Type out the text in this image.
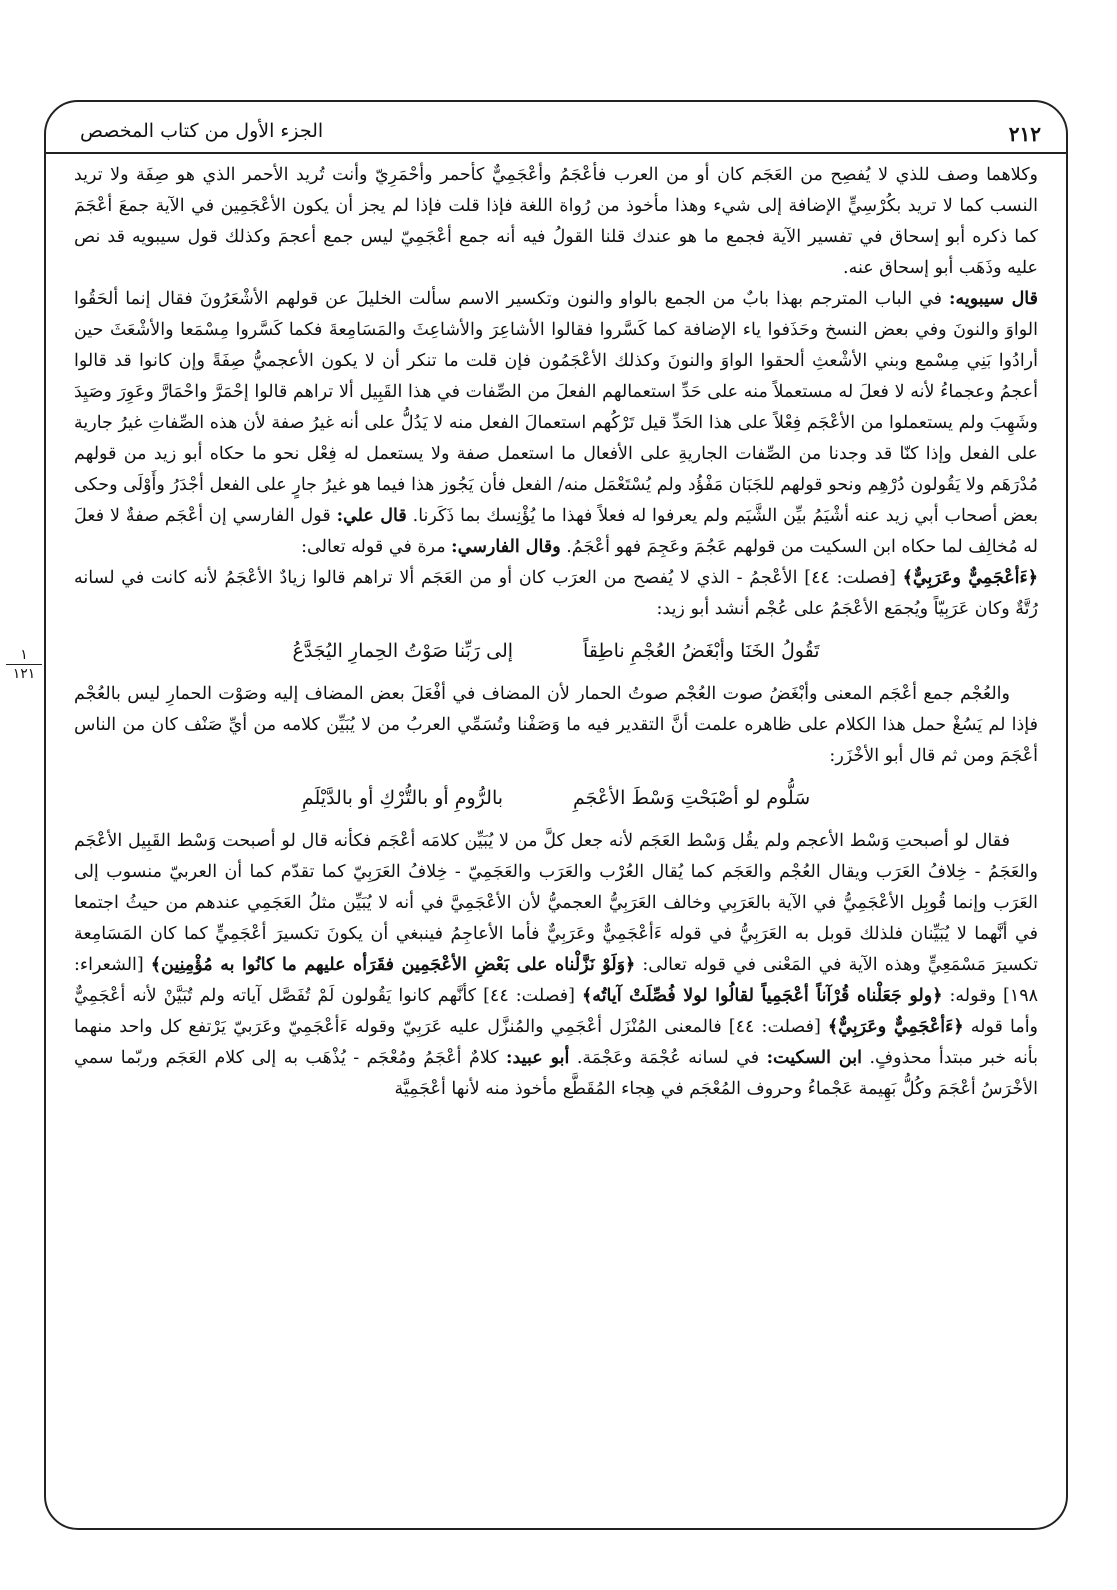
٢١٢
الجزء الأول من كتاب المخصص
١
١٢١

وكلاهما وصف للذي لا يُفصِح من العَجَم كان أو من العرب فأعْجَمُ وأعْجَمِيٌّ كأحمر وأحْمَرِيّ وأنت تُريد الأحمر الذي هو صِفَة ولا تريد النسب كما لا تريد بكُرْسِيٍّ الإضافة إلى شيء وهذا مأخوذ من رُواة اللغة فإذا قلت فإذا لم يجز أن يكون الأعْجَمِين في الآية جمعَ أعْجَمَ كما ذكره أبو إسحاق في تفسير الآية فجمع ما هو عندك قلنا القولُ فيه أنه جمع أعْجَمِيّ ليس جمع أعجمَ وكذلك قول سيبويه قد نص عليه وذَهَب أبو إسحاق عنه.

قال سيبويه: في الباب المترجم بهذا بابٌ من الجمع بالواو والنون وتكسير الاسم سألت الخليلَ عن قولهم الأشْعَرُونَ فقال إنما ألحَقُوا الواوَ والنونَ وفي بعض النسخ وحَذَفوا ياء الإضافة كما كَسَّروا فقالوا الأشاعِرَ والأشاعِثَ والمَسَامِعةَ فكما كَسَّروا مِسْمَعا والأشْعَثَ حين أرادُوا بَنِي مِسْمع وبني الأشْعثِ ألحقوا الواوَ والنونَ وكذلك الأعْجَمُون فإن قلت ما تنكر أن لا يكون الأعجميُّ صِفَةً وإن كانوا قد قالوا أعجمُ وعجماءُ لأنه لا فعلَ له مستعملاً منه على حَدِّ استعمالهم الفعلَ من الصِّفات في هذا القَبِيل ألا تراهم قالوا إحْمَرَّ واحْمَارَّ وعَوِرَ وصَيِدَ وشَهِبَ ولم يستعملوا من الأعْجَم فِعْلاً على هذا الحَدِّ قيل تَرْكُهم استعمالَ الفعل منه لا يَدُلُّ على أنه غيرُ صفة لأن هذه الصِّفاتِ غيرُ جارية على الفعل وإذا كنّا قد وجدنا من الصِّفات الجاريةِ على الأفعال ما استعمل صفة ولا يستعمل له فِعْل نحو ما حكاه أبو زيد من قولهم مُدْرَهَم ولا يَقُولون دُرْهِم ونحو قولهم للجَبَان مَفْؤُد ولم يُسْتَعْمَل منه/ الفعل فأن يَجُوز هذا فيما هو غيرُ جارٍ على الفعل أجْدَرُ وأَوْلَى وحكى بعض أصحاب أبي زيد عنه أشْيَمُ بيِّن الشَّيَم ولم يعرفوا له فعلاً فهذا ما يُؤْنِسك بما ذَكَرنا. قال علي: قول الفارسي إن أعْجَم صفةٌ لا فعلَ له مُخالِف لما حكاه ابن السكيت من قولهم عَجُمَ وعَجِمَ فهو أعْجَمُ. وقال الفارسي: مرة في قوله تعالى:
﴿ءَأعْجَمِيٌّ وعَرَبِيٌّ﴾ [فصلت: ٤٤] الأعْجمُ - الذي لا يُفصح من العرَب كان أو من العَجَم ألا تراهم قالوا زيادٌ الأعْجَمُ لأنه كانت في لسانه رُتَّةٌ وكان عَرَبِيّاً ويُجمَع الأعْجَمُ على عُجْم أنشد أبو زيد:

تَقُولُ الخَنَا وأبْغَضُ العُجْمِ ناطِقاً
إلى رَبِّنا صَوْتُ الحِمارِ اليُجَدَّعُ

والعُجْم جمع أعْجَم المعنى وأبْغَضُ صوت العُجْم صوتُ الحمار لأن المضاف في أفْعَلَ بعض المضاف إليه وصَوْت الحمارِ ليس بالعُجْم فإذا لم يَسُغْ حمل هذا الكلام على ظاهره علمت أنَّ التقدير فيه ما وَصَفْنا وتُسَمِّي العربُ من لا يُبَيِّن كلامه من أيِّ صَنْف كان من الناس أعْجَمَ ومن ثم قال أبو الأخْزَر:

سَلُّوم لو أصْبَحْتِ وَسْطَ الأعْجَمِ
بالرُّومِ أو بالتُّرْكِ أو بالدَّيْلَمِ

فقال لو أصبحتِ وَسْط الأعجم ولم يقُل وَسْط العَجَم لأنه جعل كلَّ من لا يُبَيِّن كلامَه أعْجَم فكأنه قال لو أصبحت وَسْط القَبِيل الأعْجَم والعَجَمُ - خِلافُ العَرَب ويقال العُجْم والعَجَم كما يُقال العُرْب والعَرَب والعَجَمِيّ - خِلافُ العَرَبِيّ كما تقدّم كما أن العربيّ منسوب إلى العَرَب وإنما قُوبِل الأعْجَمِيُّ في الآية بالعَرَبِي وخالف العَرَبِيُّ العجميُّ لأن الأعْجَمِيَّ في أنه لا يُبَيِّن مثلُ العَجَمِي عندهم من حيثُ اجتمعا في أنَّهما لا يُبَيِّنان فلذلك قوبل به العَرَبِيُّ في قوله ءَأعْجَمِيٌّ وعَرَبِيٌّ فأما الأعاجِمُ فينبغي أن يكونَ تكسيرَ أعْجَمِيٍّ كما كان المَسَامِعة تكسيرَ مَسْمَعِيٍّ وهذه الآية في المَعْنى في قوله تعالى: ﴿وَلَوْ نَزَّلْناه على بَعْضِ الأعْجَمِين فقَرَأه عليهم ما كانُوا به مُؤْمِنِين﴾ [الشعراء: ١٩٨] وقوله: ﴿ولو جَعَلْناه قُرْآناً أعْجَمِياً لقالُوا لولا فُصِّلَتْ آياتُه﴾ [فصلت: ٤٤] كأنَّهم كانوا يَقُولون لَمْ تُفَصَّل آياته ولم تُبَيَّنْ لأنه أعْجَمِيٌّ وأما قوله ﴿ءَأعْجَمِيٌّ وعَرَبِيٌّ﴾ [فصلت: ٤٤] فالمعنى المُنْزَل أعْجَمِي والمُنزَّل عليه عَرَبِيّ وقوله ءَأعْجَمِيّ وعَرَبيّ يَرْتفع كل واحد منهما بأنه خبر مبتدأ محذوفٍ. ابن السكيت: في لسانه عُجْمَة وعَجْمَة. أبو عبيد: كلامٌ أعْجَمُ ومُعْجَم - يُذْهَب به إلى كلام العَجَم وربّما سمي الأخْرَسُ أعْجَمَ وكُلُّ بَهِيمة عَجْماءُ وحروف المُعْجَم في هِجاء المُقَطَّع مأخوذ منه لأنها أعْجَمِيَّة
